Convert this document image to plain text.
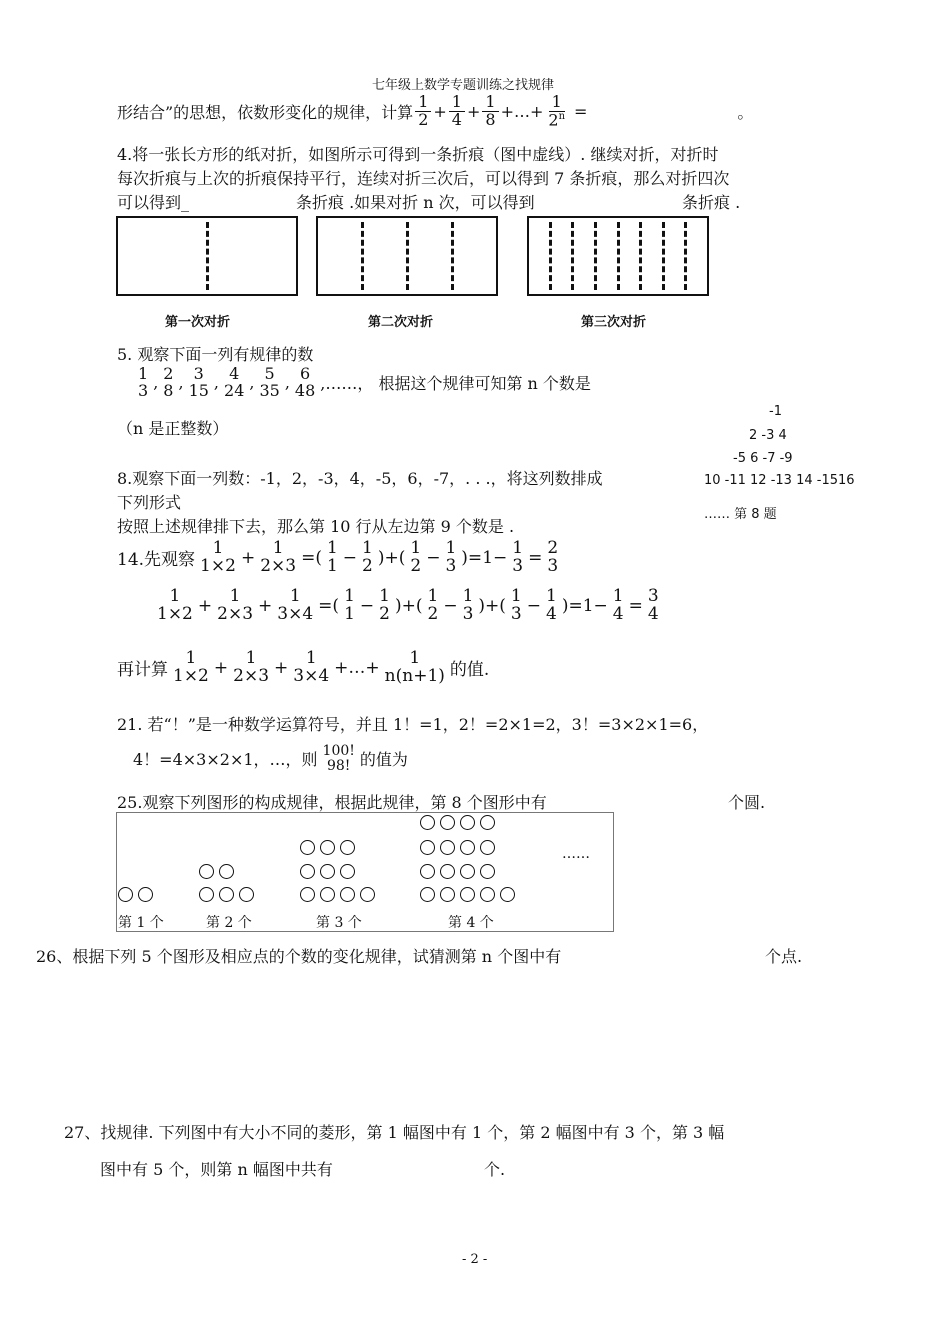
七年级上数学专题训练之找规律
形结合”的思想，依数形变化的规律，计算 $\frac{1}{2} + \frac{1}{4} + \frac{1}{8}$ +…+ $\frac{1}{2^n}$ =	。
4.将一张长方形的纸对折，如图所示可得到一条折痕（图中虚线）. 继续对折，对折时
每次折痕与上次的折痕保持平行，连续对折三次后，可以得到 7 条折痕，那么对折四次
可以得到_	条折痕 .如果对折 n 次，可以得到	条折痕 .
第一次对折	第二次对折	第三次对折
5. 观察下面一列有规律的数
1
3 , 2
8 , 3
15 , 4
24 , 5
35 , 6
48 ,……， 根据这个规律可知第 n 个数是
（n 是正整数）
-1
2 -3 4
-5 6 -7 -9
10 -11 12 -13 14 -1516
…… 第 8 题
8.观察下面一列数：-1，2，-3，4，-5，6，-7，. . .，将这列数排成
下列形式
按照上述规律排下去，那么第 10 行从左边第 9 个数是 .
14.先观察
1
1×2 + 1
2×3 =( 1
1 − 1
2 )+( 1
2 − 1
3 )= 1 − 1
3 = 2
3
1
1×2 + 1
2×3 + 1
3×4 =( 1
1 − 1
2 )+( 1
2 − 1
3 )+( 1
3 − 1
4 )=1− 1
4 = 3
4
再计算
1
1×2 + 1
2×3 + 1
3×4 +…+ 1
n(n+1) 的值.
21. 若“！”是一种数学运算符号，并且 1！=1，2！=2×1=2，3！=3×2×1=6，
4！=4×3×2×1，…，则 100!
98! 的值为
25.观察下列图形的构成规律，根据此规律，第 8 个图形中有	个圆.
……
第 1 个	第 2 个	第 3 个	第 4 个
26、根据下列 5 个图形及相应点的个数的变化规律，试猜测第 n 个图中有	个点.
27、找规律. 下列图中有大小不同的菱形，第 1 幅图中有 1 个，第 2 幅图中有 3 个，第 3 幅
图中有 5 个，则第 n 幅图中共有	个.
- 2 -
